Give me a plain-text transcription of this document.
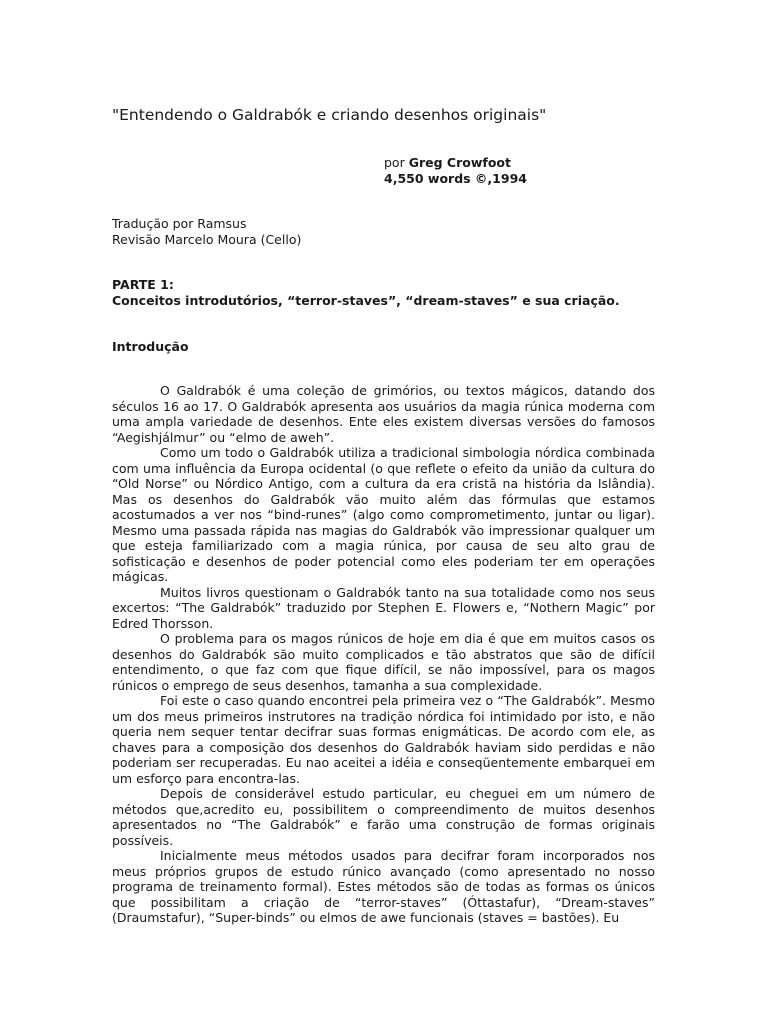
"Entendendo o Galdrabók e criando desenhos originais"
por Greg Crowfoot
4,550 words ©,1994
Tradução por Ramsus
Revisão Marcelo Moura (Cello)
PARTE 1:
Conceitos introdutórios, “terror-staves”, “dream-staves” e sua criação.
Introdução

O Galdrabók é uma coleção de grimórios, ou textos mágicos, datando dos séculos 16 ao 17. O Galdrabók apresenta aos usuários da magia rúnica moderna com uma ampla variedade de desenhos. Ente eles existem diversas versões do famosos “Aegishjálmur” ou “elmo de aweh”.

Como um todo o Galdrabók utiliza a tradicional simbologia nórdica combinada com uma influência da Europa ocidental (o que reflete o efeito da união da cultura do “Old Norse” ou Nórdico Antigo, com a cultura da era cristã na história da Islândia). Mas os desenhos do Galdrabók vão muito além das fórmulas que estamos acostumados a ver nos “bind-runes” (algo como comprometimento, juntar ou ligar). Mesmo uma passada rápida nas magias do Galdrabók vão impressionar qualquer um que esteja familiarizado com a magia rúnica, por causa de seu alto grau de sofisticação e desenhos de poder potencial como eles poderiam ter em operações mágicas.

Muitos livros questionam o Galdrabók tanto na sua totalidade como nos seus excertos: “The Galdrabók” traduzido por Stephen E. Flowers e, “Nothern Magic” por Edred Thorsson.

O problema para os magos rúnicos de hoje em dia é que em muitos casos os desenhos do Galdrabók são muito complicados e tão abstratos que são de difícil entendimento, o que faz com que fique difícil, se não impossível, para os magos rúnicos o emprego de seus desenhos, tamanha a sua complexidade.

Foi este o caso quando encontrei pela primeira vez o “The Galdrabók”. Mesmo um dos meus primeiros instrutores na tradição nórdica foi intimidado por isto, e não queria nem sequer tentar decifrar suas formas enigmáticas. De acordo com ele, as chaves para a composição dos desenhos do Galdrabók haviam sido perdidas e não poderiam ser recuperadas. Eu nao aceitei a idéia e conseqüentemente embarquei em um esforço para encontra-las.

Depois de considerável estudo particular, eu cheguei em um número de métodos que,acredito eu, possibilitem o compreendimento de muitos desenhos apresentados no “The Galdrabók” e farão uma construção de formas originais possíveis.

Inicialmente meus métodos usados para decifrar foram incorporados nos meus próprios grupos de estudo rúnico avançado (como apresentado no nosso programa de treinamento formal). Estes métodos são de todas as formas os únicos que possibilitam a criação de “terror-staves” (Óttastafur), “Dream-staves” (Draumstafur), “Super-binds” ou elmos de awe funcionais (staves = bastões). Eu
